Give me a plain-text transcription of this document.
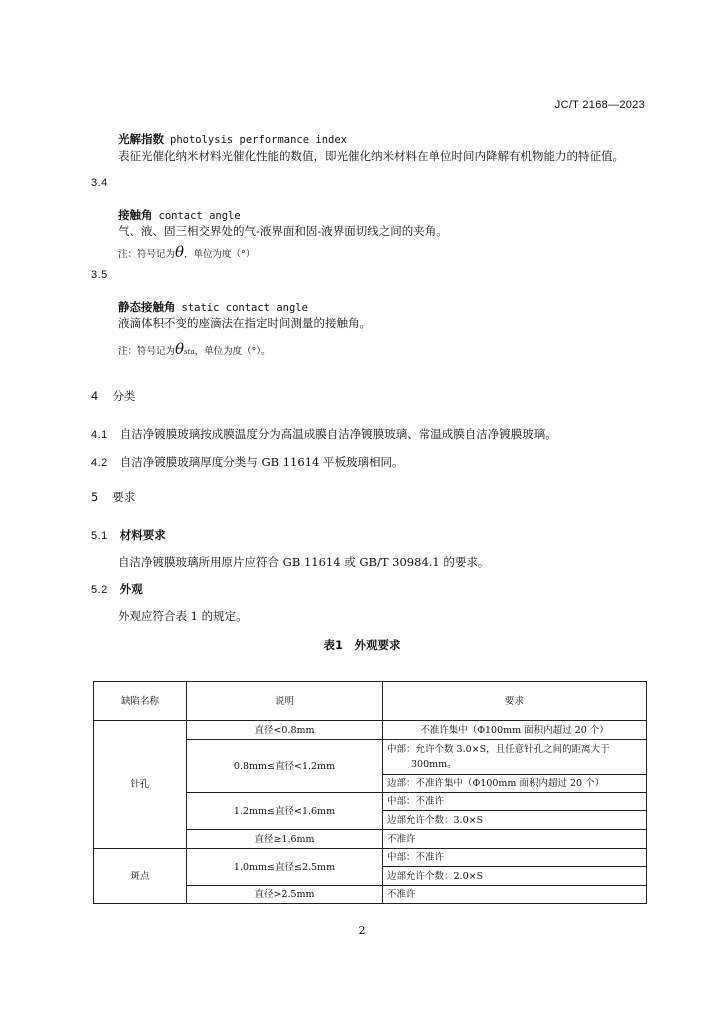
JC/T 2168—2023
光解指数 photolysis performance index
表征光催化纳米材料光催化性能的数值，即光催化纳米材料在单位时间内降解有机物能力的特征值。
3.4
接触角 contact angle
气、液、固三相交界处的气-液界面和固-液界面切线之间的夹角。
注：符号记为θ，单位为度（°）
3.5
静态接触角 static contact angle
液滴体积不变的座滴法在指定时间测量的接触角。
注：符号记为θsta，单位为度（°）。
4 分类
4.1 自洁净镀膜玻璃按成膜温度分为高温成膜自洁净镀膜玻璃、常温成膜自洁净镀膜玻璃。
4.2 自洁净镀膜玻璃厚度分类与 GB 11614 平板玻璃相同。
5 要求
5.1 材料要求
自洁净镀膜玻璃所用原片应符合 GB 11614 或 GB/T 30984.1 的要求。
5.2 外观
外观应符合表 1 的规定。
表1　外观要求
缺陷名称	说明	要求
针孔	直径<0.8mm	不准许集中（Φ100mm 面积内超过 20 个）
	0.8mm≤直径<1.2mm	中部：允许个数 3.0×S，且任意针孔之间的距离大于
300mm。

		边部：不准许集中（Φ100mm 面积内超过 20 个）
	1.2mm≤直径<1.6mm	中部：不准许
		边部允许个数：3.0×S
	直径≥1.6mm	不准许
斑点	1.0mm≤直径≤2.5mm	中部：不准许
		边部允许个数：2.0×S
	直径>2.5mm	不准许
2
